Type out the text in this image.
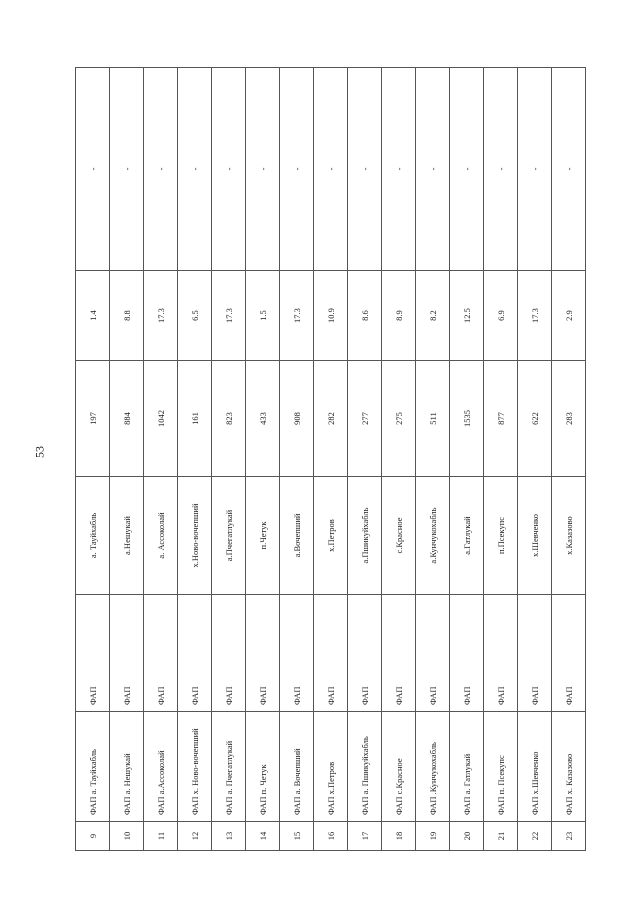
53
9	ФАП а. Тауйхабль	ФАП	а. Тауйхабль	197	1.4	-
10	ФАП а. Нешукай	ФАП	а.Нешукай	884	8.8	-
11	ФАП а.Ассоколай	ФАП	а. Ассоколай	1042	17.3	-
12	ФАП х. Ново-вочепший	ФАП	х.Ново-вочепший	161	6.5	-
13	ФАП а. Пчегатлукай	ФАП	а.Пчегатлукай	823	17.3	-
14	ФАП п. Четук	ФАП	п.Четук	433	1.5	-
15	ФАП а. Вочепший	ФАП	а.Вочепший	908	17.3	-
16	ФАП х.Петров	ФАП	х.Петров	282	10.9	-
17	ФАП а. Пшикуйхабль	ФАП	а.Пшикуйхабль	277	8.6	-
18	ФАП с.Красное	ФАП	с.Красное	275	8.9	-
19	ФАП .Кунчукохабль	ФАП	а.Кунчукохабль	511	8.2	-
20	ФАП а. Гатлукай	ФАП	а.Гатлукай	1535	12.5	-
21	ФАП п. Псекупс	ФАП	п.Псекупс	877	6.9	-
22	ФАП х.Шевченко	ФАП	х.Шевченко	622	17.3	-
23	ФАП х. Казазово	ФАП	х.Казазово	283	2.9	-
